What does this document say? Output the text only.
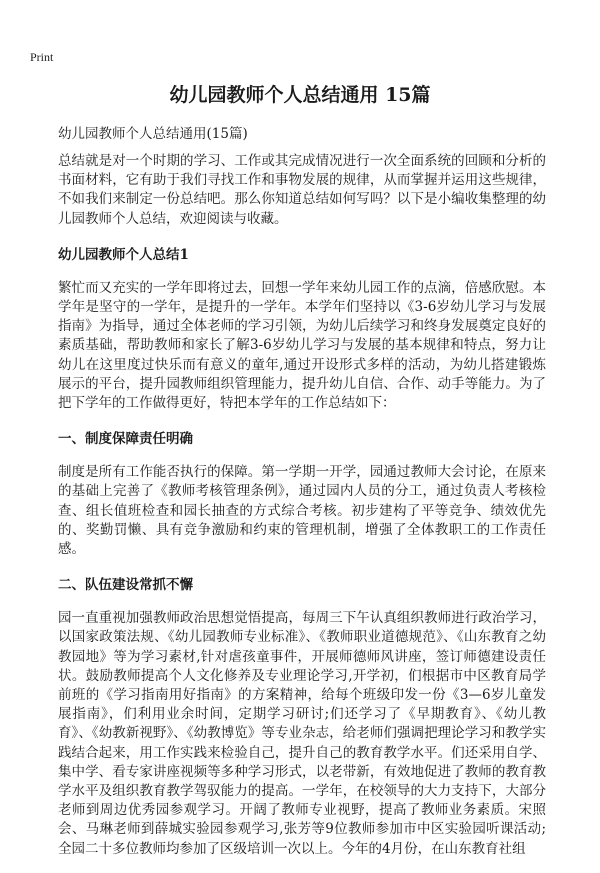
Print
幼儿园教师个人总结通用 15篇

幼儿园教师个人总结通用(15篇)

总结就是对一个时期的学习、工作或其完成情况进行一次全面系统的回顾和分析的书面材料，它有助于我们寻找工作和事物发展的规律，从而掌握并运用这些规律，不如我们来制定一份总结吧。那么你知道总结如何写吗？以下是小编收集整理的幼儿园教师个人总结，欢迎阅读与收藏。

幼儿园教师个人总结1

繁忙而又充实的一学年即将过去，回想一学年来幼儿园工作的点滴，倍感欣慰。本学年是坚守的一学年，是提升的一学年。本学年们坚持以《3-6岁幼儿学习与发展指南》为指导，通过全体老师的学习引领，为幼儿后续学习和终身发展奠定良好的素质基础，帮助教师和家长了解3-6岁幼儿学习与发展的基本规律和特点，努力让幼儿在这里度过快乐而有意义的童年,通过开设形式多样的活动，为幼儿搭建锻炼展示的平台，提升园教师组织管理能力，提升幼儿自信、合作、动手等能力。为了把下学年的工作做得更好，特把本学年的工作总结如下：

一、制度保障责任明确

制度是所有工作能否执行的保障。第一学期一开学，园通过教师大会讨论，在原来的基础上完善了《教师考核管理条例》，通过园内人员的分工，通过负责人考核检查、组长值班检查和园长抽查的方式综合考核。初步建构了平等竞争、绩效优先的、奖勤罚懒、具有竞争激励和约束的管理机制，增强了全体教职工的工作责任感。

二、队伍建设常抓不懈

园一直重视加强教师政治思想觉悟提高，每周三下午认真组织教师进行政治学习，以国家政策法规、《幼儿园教师专业标准》、《教师职业道德规范》、《山东教育之幼教园地》等为学习素材,针对虐孩童事件，开展师德师风讲座，签订师德建设责任状。鼓励教师提高个人文化修养及专业理论学习,开学初，们根据市中区教育局学前班的《学习指南用好指南》的方案精神，给每个班级印发一份《3—6岁儿童发展指南》，们利用业余时间，定期学习研讨;们还学习了《早期教育》、《幼儿教育》、《幼教新视野》、《幼教博览》等专业杂志，给老师们强调把理论学习和教学实践结合起来，用工作实践来检验自己，提升自己的教育教学水平。们还采用自学、集中学、看专家讲座视频等多种学习形式，以老带新，有效地促进了教师的教育教学水平及组织教育教学驾驭能力的提高。一学年，在校领导的大力支持下，大部分老师到周边优秀园参观学习。开阔了教师专业视野，提高了教师业务素质。宋照会、马琳老师到薛城实验园参观学习,张芳等9位教师参加市中区实验园听课活动;全园二十多位教师均参加了区级培训一次以上。今年的4月份，在山东教育社组
